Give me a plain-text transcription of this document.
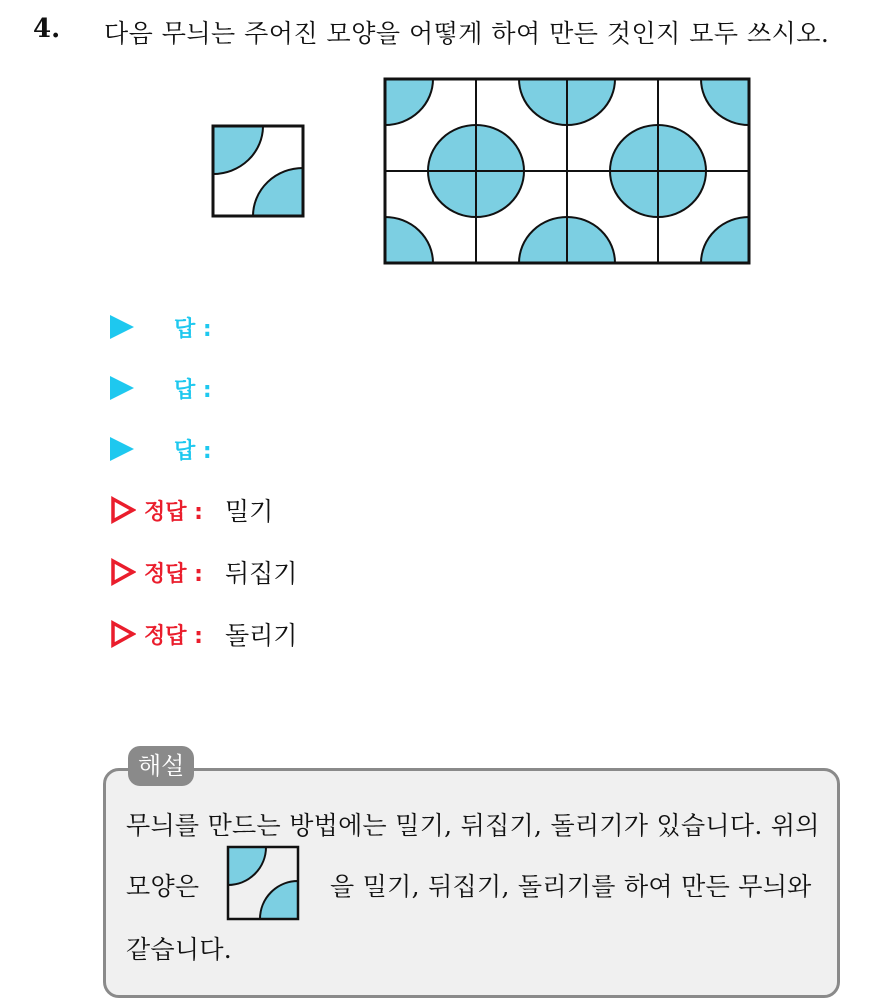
4. 다음 무늬는 주어진 모양을 어떻게 하여 만든 것인지 모두 쓰시오.
답 :
답 :
답 :
정답 : 밀기
정답 : 뒤집기
정답 : 돌리기
해설
무늬를 만드는 방법에는 밀기, 뒤집기, 돌리기가 있습니다. 위의
모양은	을 밀기, 뒤집기, 돌리기를 하여 만든 무늬와
같습니다.
